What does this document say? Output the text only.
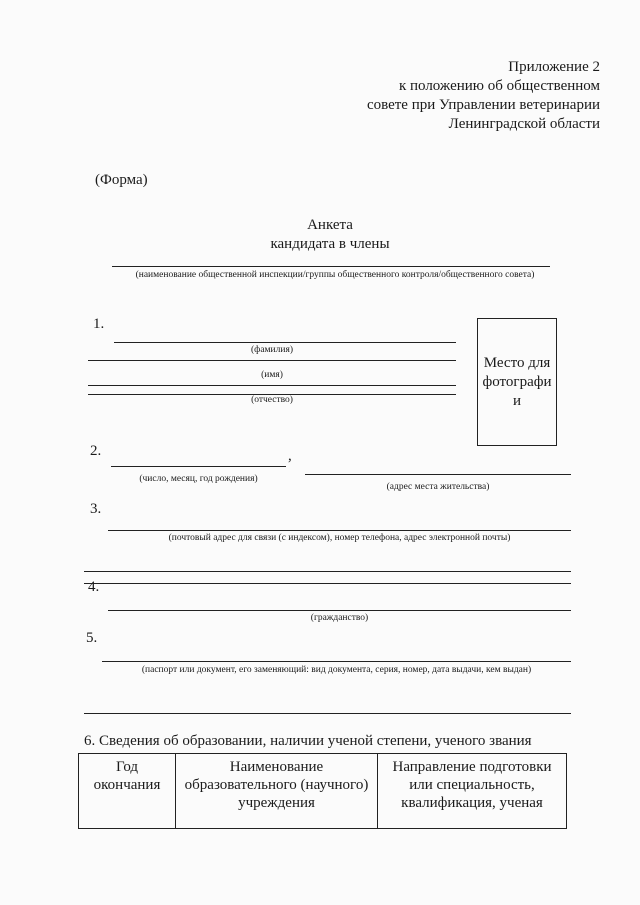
Приложение 2
к положению об общественном
совете при Управлении ветеринарии
Ленинградской области
(Форма)
Анкета
кандидата в члены
(наименование общественной инспекции/группы общественного контроля/общественного совета)
1.
(фамилия)
(имя)
(отчество)
Место для фотографи и
2.	,
(число, месяц, год рождения)
(адрес места жительства)
3.
(почтовый адрес для связи (с индексом), номер телефона, адрес электронной почты)
4.
(гражданство)
5.
(паспорт или документ, его заменяющий: вид документа, серия, номер, дата выдачи, кем выдан)
6. Сведения об образовании, наличии ученой степени, ученого звания
Год окончания	Наименование образовательного (научного) учреждения	Направление подготовки или специальность, квалификация, ученая
